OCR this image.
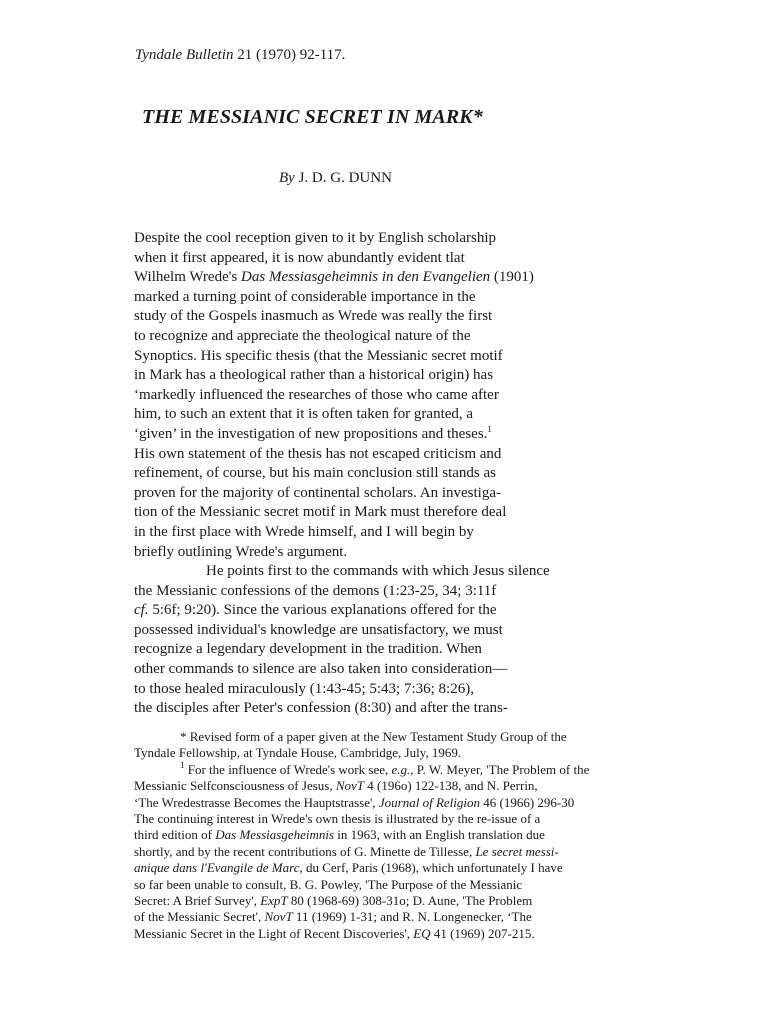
Tyndale Bulletin 21 (1970) 92-117.
THE MESSIANIC SECRET IN MARK*
By J. D. G. DUNN
Despite the cool reception given to it by English scholarship
when it first appeared, it is now abundantly evident tlat
Wilhelm Wrede's Das Messiasgeheimnis in den Evangelien (1901)
marked a turning point of considerable importance in the
study of the Gospels inasmuch as Wrede was really the first
to recognize and appreciate the theological nature of the
Synoptics. His specific thesis (that the Messianic secret motif
in Mark has a theological rather than a historical origin) has
‘markedly influenced the researches of those who came after
him, to such an extent that it is often taken for granted, a
‘given’ in the investigation of new propositions and theses.$^1$
His own statement of the thesis has not escaped criticism and
refinement, of course, but his main conclusion still stands as
proven for the majority of continental scholars. An investiga-
tion of the Messianic secret motif in Mark must therefore deal
in the first place with Wrede himself, and I will begin by
briefly outlining Wrede's argument.
He points first to the commands with which Jesus silence
the Messianic confessions of the demons (1:23-25, 34; 3:11f
cf. 5:6f; 9:20). Since the various explanations offered for the
possessed individual's knowledge are unsatisfactory, we must
recognize a legendary development in the tradition. When
other commands to silence are also taken into consideration—
to those healed miraculously (1:43-45; 5:43; 7:36; 8:26),
the disciples after Peter's confession (8:30) and after the trans-
* Revised form of a paper given at the New Testament Study Group of the
Tyndale Fellowship, at Tyndale House, Cambridge, July, 1969.
$^1$ For the influence of Wrede's work see, e.g., P. W. Meyer, 'The Problem of the
Messianic Selfconsciousness of Jesus, NovT 4 (196o) 122-138, and N. Perrin,
‘The Wredestrasse Becomes the Hauptstrasse', Journal of Religion 46 (1966) 296-30
The continuing interest in Wrede's own thesis is illustrated by the re-issue of a
third edition of Das Messiasgeheimnis in 1963, with an English translation due
shortly, and by the recent contributions of G. Minette de Tillesse, Le secret messi-
anique dans l'Evangile de Marc, du Cerf, Paris (1968), which unfortunately I have
so far been unable to consult, B. G. Powley, 'The Purpose of the Messianic
Secret: A Brief Survey', ExpT 80 (1968-69) 308-31o; D. Aune, 'The Problem
of the Messianic Secret', NovT 11 (1969) 1-31; and R. N. Longenecker, ‘The
Messianic Secret in the Light of Recent Discoveries', EQ 41 (1969) 207-215.
